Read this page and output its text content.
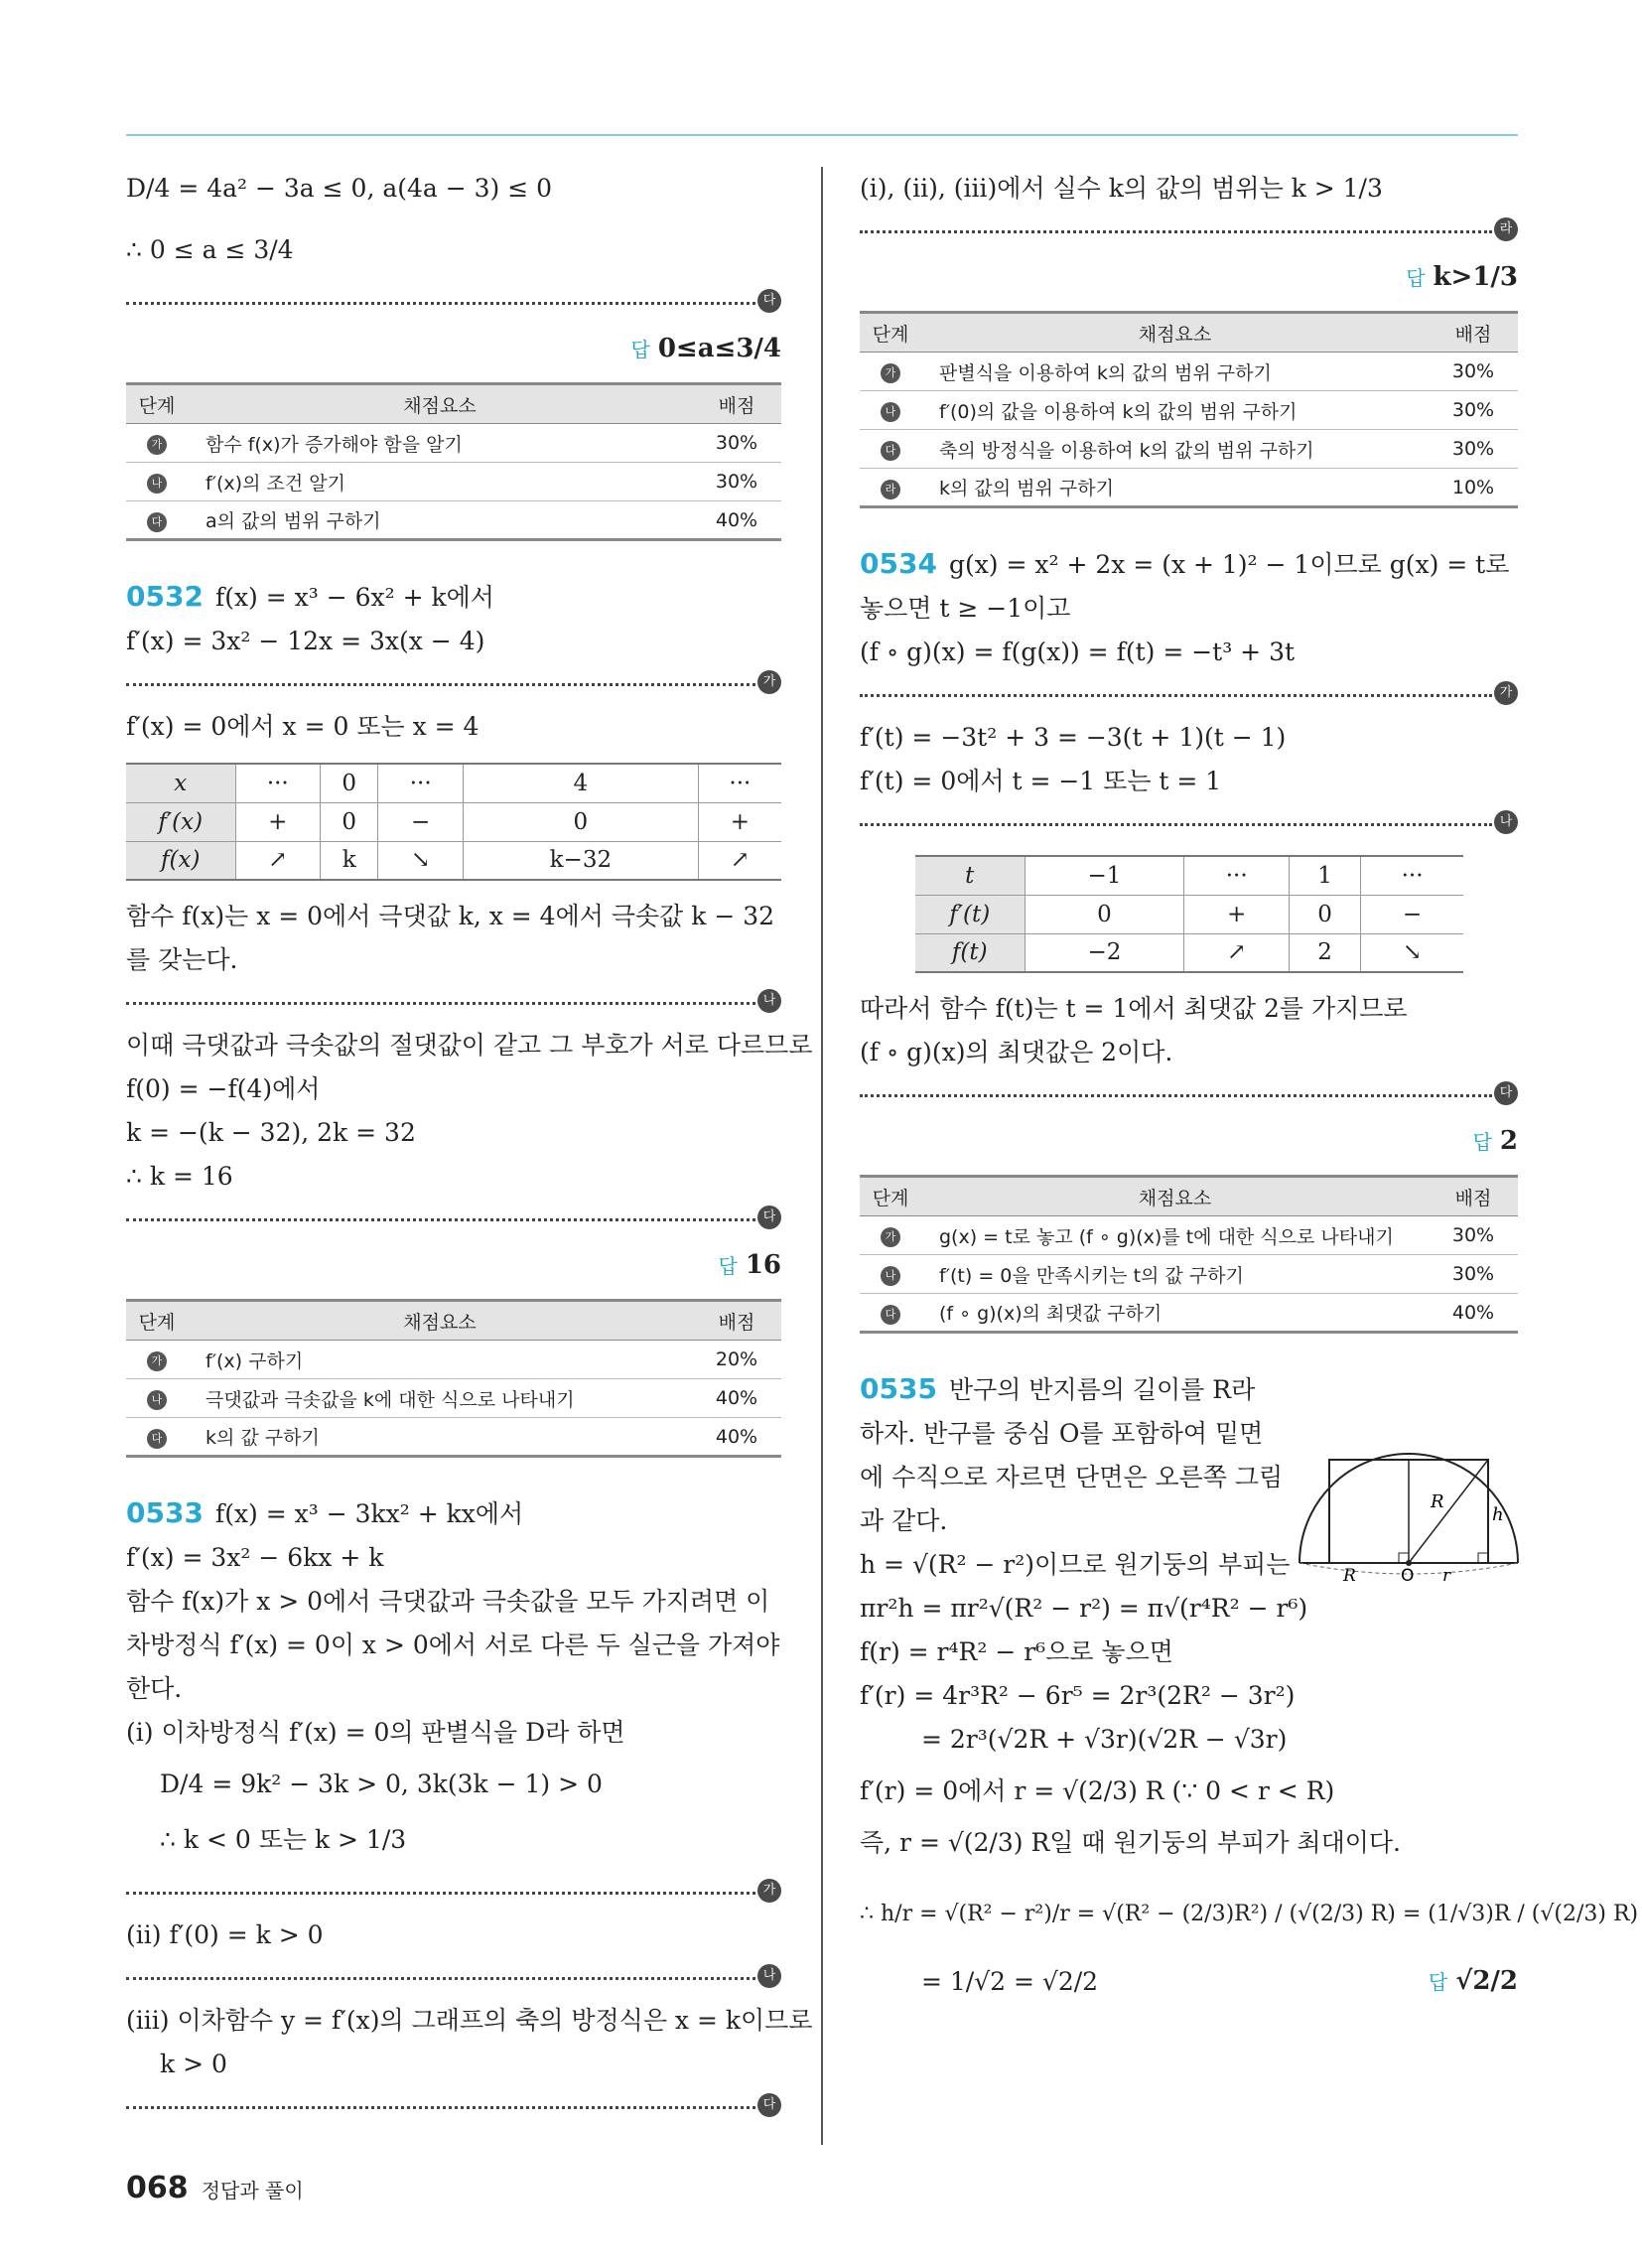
D/4 = 4a² − 3a ≤ 0, a(4a − 3) ≤ 0
∴ 0 ≤ a ≤ 3/4
다
답 0≤a≤3/4
단계	채점요소	배점
가	함수 f(x)가 증가해야 함을 알기	30%
나	f′(x)의 조건 알기	30%
다	a의 값의 범위 구하기	40%
0532 f(x) = x³ − 6x² + k에서
f′(x) = 3x² − 12x = 3x(x − 4)
가
f′(x) = 0에서 x = 0 또는 x = 4
x	···	0	···	4	···
f′(x)	+	0	−	0	+
f(x)	↗	k	↘	k−32	↗
함수 f(x)는 x = 0에서 극댓값 k, x = 4에서 극솟값 k − 32를 갖는다.
나
이때 극댓값과 극솟값의 절댓값이 같고 그 부호가 서로 다르므로
f(0) = −f(4)에서
k = −(k − 32), 2k = 32
∴ k = 16
다
답 16
단계	채점요소	배점
가	f′(x) 구하기	20%
나	극댓값과 극솟값을 k에 대한 식으로 나타내기	40%
다	k의 값 구하기	40%
0533 f(x) = x³ − 3kx² + kx에서
f′(x) = 3x² − 6kx + k
함수 f(x)가 x > 0에서 극댓값과 극솟값을 모두 가지려면 이차방정식 f′(x) = 0이 x > 0에서 서로 다른 두 실근을 가져야 한다.
(ⅰ) 이차방정식 f′(x) = 0의 판별식을 D라 하면
D/4 = 9k² − 3k > 0, 3k(3k − 1) > 0
∴ k < 0 또는 k > 1/3
가
(ⅱ) f′(0) = k > 0
나
(ⅲ) 이차함수 y = f′(x)의 그래프의 축의 방정식은 x = k이므로
k > 0
다
(ⅰ), (ⅱ), (ⅲ)에서 실수 k의 값의 범위는 k > 1/3
라
답 k>1/3
단계	채점요소	배점
가	판별식을 이용하여 k의 값의 범위 구하기	30%
나	f′(0)의 값을 이용하여 k의 값의 범위 구하기	30%
다	축의 방정식을 이용하여 k의 값의 범위 구하기	30%
라	k의 값의 범위 구하기	10%
0534 g(x) = x² + 2x = (x + 1)² − 1이므로 g(x) = t로 놓으면 t ≥ −1이고
(f ∘ g)(x) = f(g(x)) = f(t) = −t³ + 3t
가
f′(t) = −3t² + 3 = −3(t + 1)(t − 1)
f′(t) = 0에서 t = −1 또는 t = 1
나
t	−1	···	1	···
f′(t)	0	+	0	−
f(t)	−2	↗	2	↘
따라서 함수 f(t)는 t = 1에서 최댓값 2를 가지므로
(f ∘ g)(x)의 최댓값은 2이다.
다
답 2
단계	채점요소	배점
가	g(x) = t로 놓고 (f ∘ g)(x)를 t에 대한 식으로 나타내기	30%
나	f′(t) = 0을 만족시키는 t의 값 구하기	30%
다	(f ∘ g)(x)의 최댓값 구하기	40%
0535 반구의 반지름의 길이를 R라
하자. 반구를 중심 O를 포함하여 밑면
에 수직으로 자르면 단면은 오른쪽 그림
과 같다.
h = √(R² − r²)이므로 원기둥의 부피는
πr²h = πr²√(R² − r²) = π√(r⁴R² − r⁶)
f(r) = r⁴R² − r⁶으로 놓으면
f′(r) = 4r³R² − 6r⁵ = 2r³(2R² − 3r²)
= 2r³(√2R + √3r)(√2R − √3r)
f′(r) = 0에서 r = √(2/3) R (∵ 0 < r < R)
즉, r = √(2/3) R일 때 원기둥의 부피가 최대이다.
∴ h/r = √(R² − r²)/r = √(R² − (2/3)R²) / (√(2/3) R) = (1/√3)R / (√(2/3) R)
= 1/√2 = √2/2	답 √2/2
R
h
O r
R
068 정답과 풀이
